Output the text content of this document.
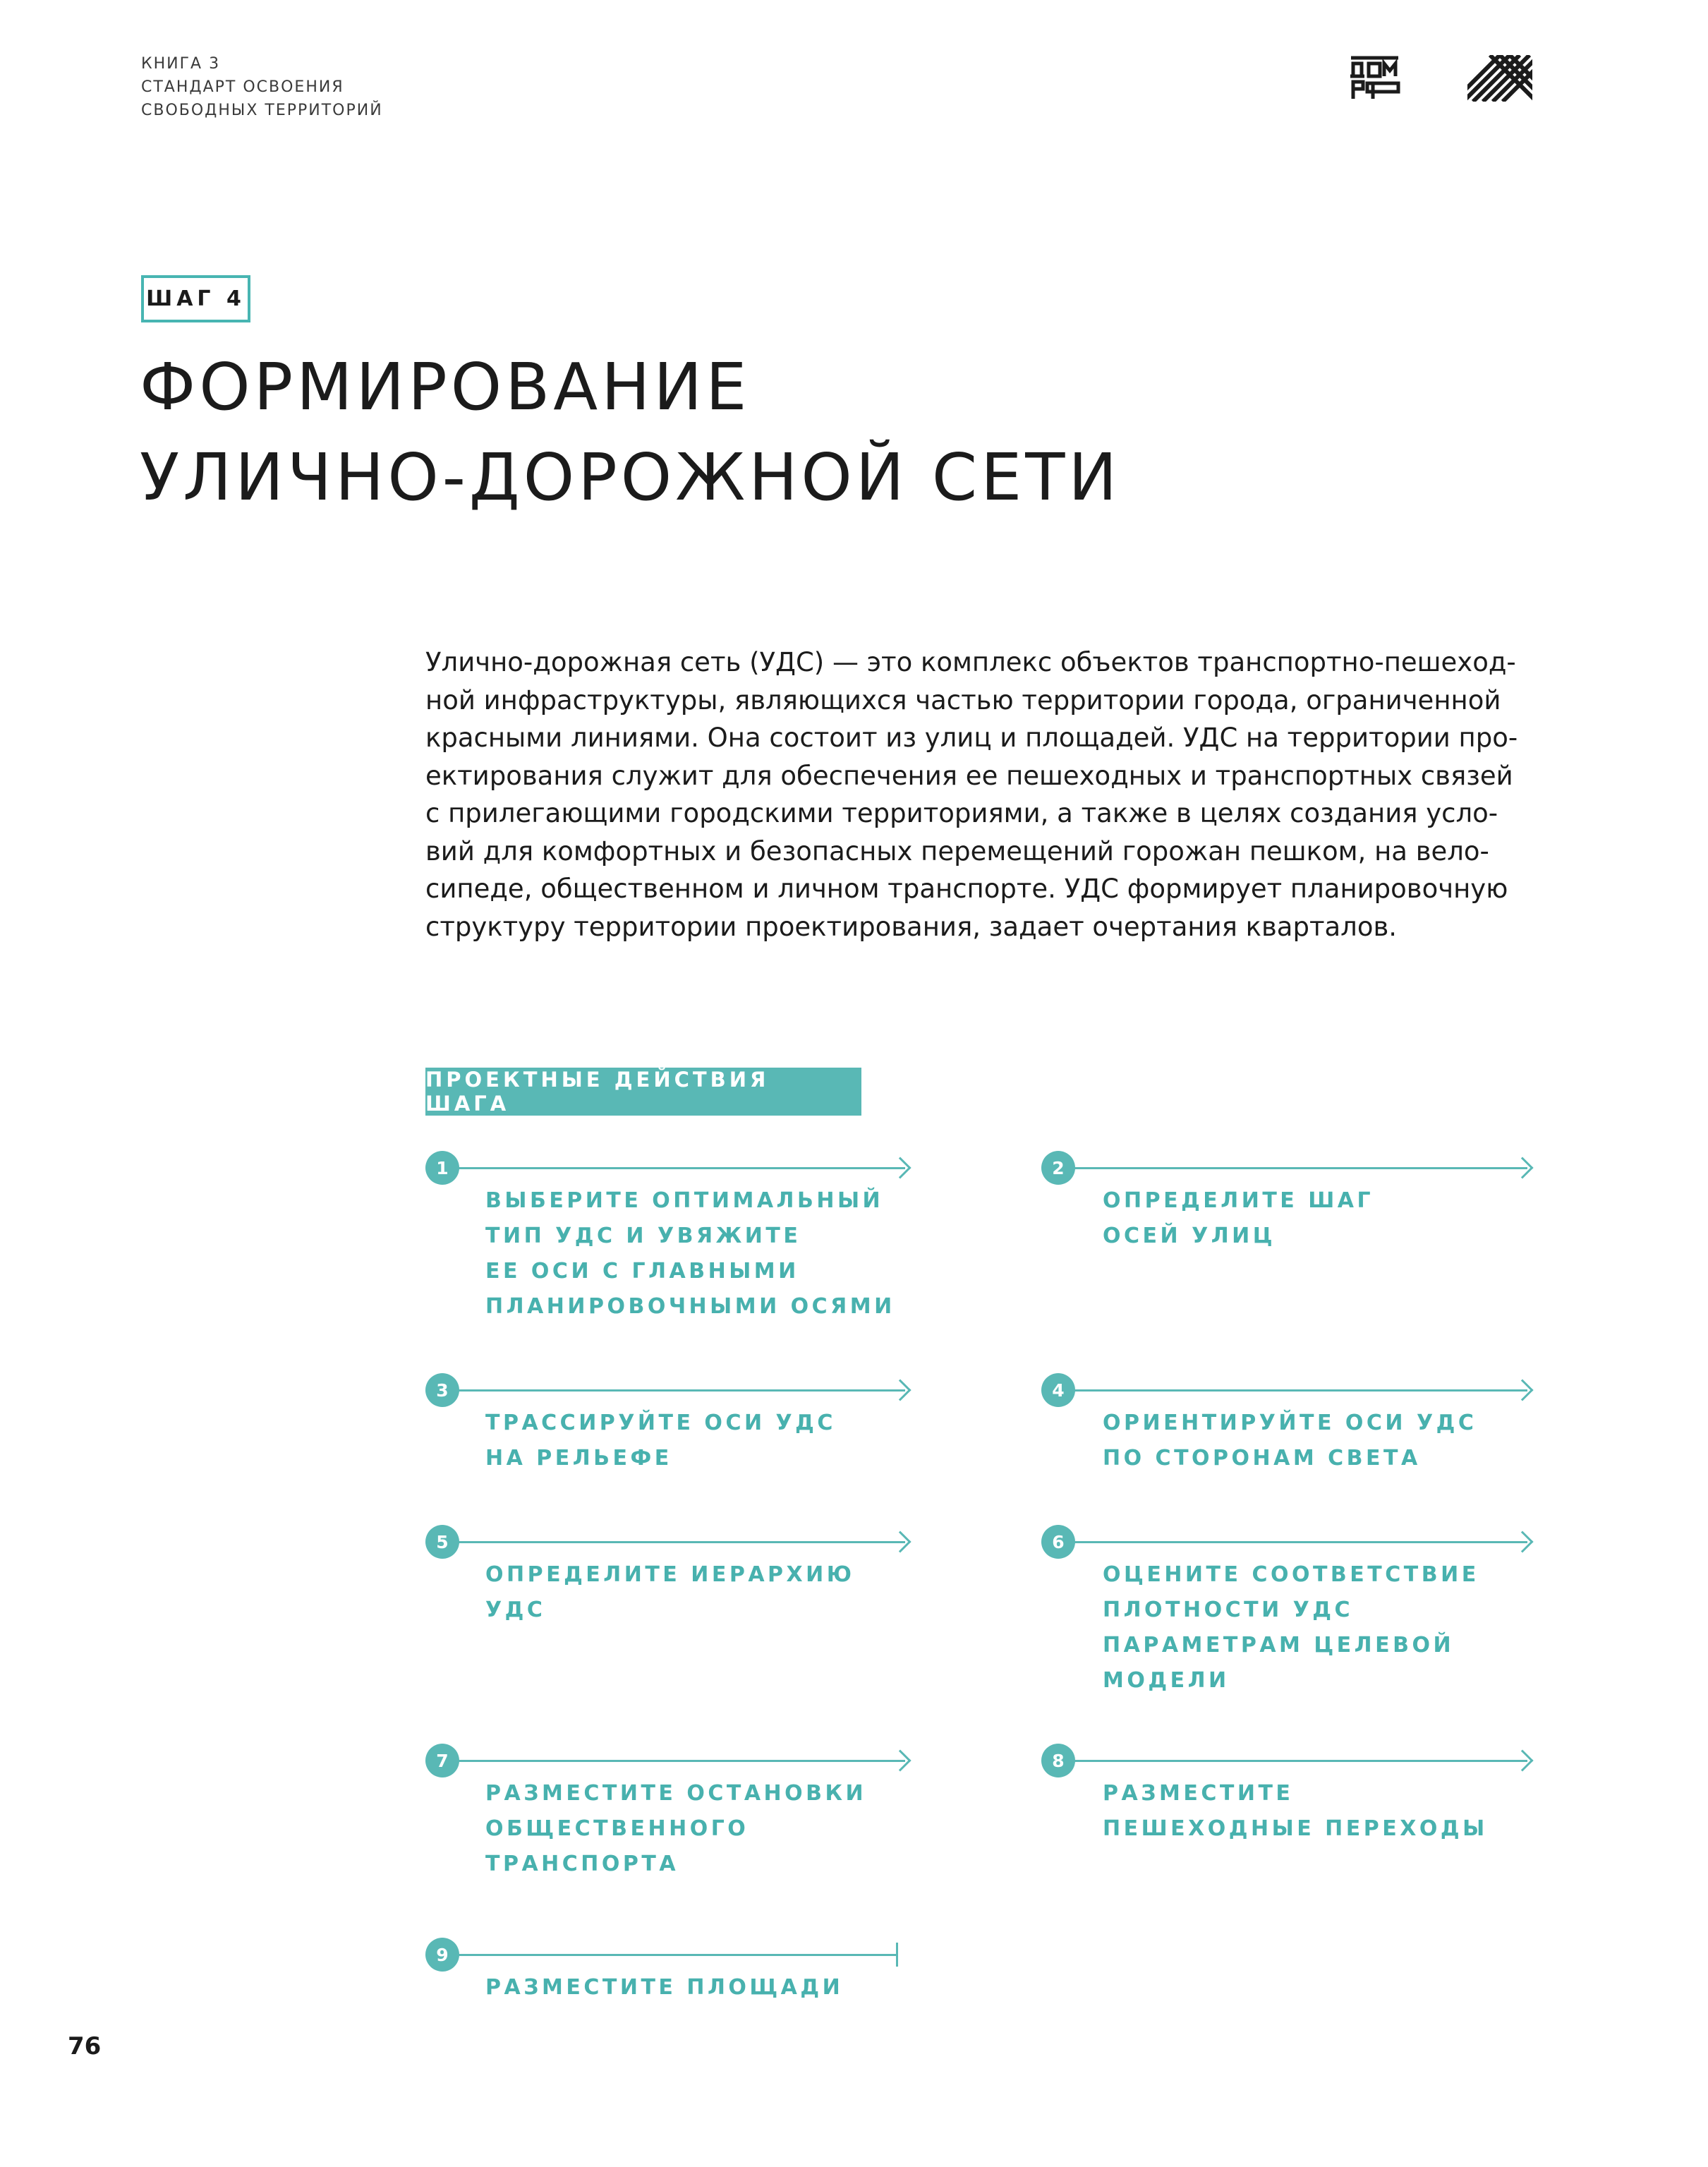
КНИГА 3
СТАНДАРТ ОСВОЕНИЯ
СВОБОДНЫХ ТЕРРИТОРИЙ
ШАГ 4
ФОРМИРОВАНИЕ
УЛИЧНО-ДОРОЖНОЙ СЕТИ
Улично-дорожная сеть (УДС) — это комплекс объектов транспортно-пешеход-
ной инфраструктуры, являющихся частью территории города, ограниченной
красными линиями. Она состоит из улиц и площадей. УДС на территории про-
ектирования служит для обеспечения ее пешеходных и транспортных связей
с прилегающими городскими территориями, а также в целях создания усло-
вий для комфортных и безопасных перемещений горожан пешком, на вело-
сипеде, общественном и личном транспорте. УДС формирует планировочную
структуру территории проектирования, задает очертания кварталов.
ПРОЕКТНЫЕ ДЕЙСТВИЯ ШАГА
1
ВЫБЕРИТЕ ОПТИМАЛЬНЫЙ
ТИП УДС И УВЯЖИТЕ
ЕЕ ОСИ С ГЛАВНЫМИ
ПЛАНИРОВОЧНЫМИ ОСЯМИ
2
ОПРЕДЕЛИТЕ ШАГ
ОСЕЙ УЛИЦ
3
ТРАССИРУЙТЕ ОСИ УДС
НА РЕЛЬЕФЕ
4
ОРИЕНТИРУЙТЕ ОСИ УДС
ПО СТОРОНАМ СВЕТА
5
ОПРЕДЕЛИТЕ ИЕРАРХИЮ
УДС
6
ОЦЕНИТЕ СООТВЕТСТВИЕ
ПЛОТНОСТИ УДС
ПАРАМЕТРАМ ЦЕЛЕВОЙ
МОДЕЛИ
7
РАЗМЕСТИТЕ ОСТАНОВКИ
ОБЩЕСТВЕННОГО
ТРАНСПОРТА
8
РАЗМЕСТИТЕ
ПЕШЕХОДНЫЕ ПЕРЕХОДЫ
9
РАЗМЕСТИТЕ ПЛОЩАДИ
76
